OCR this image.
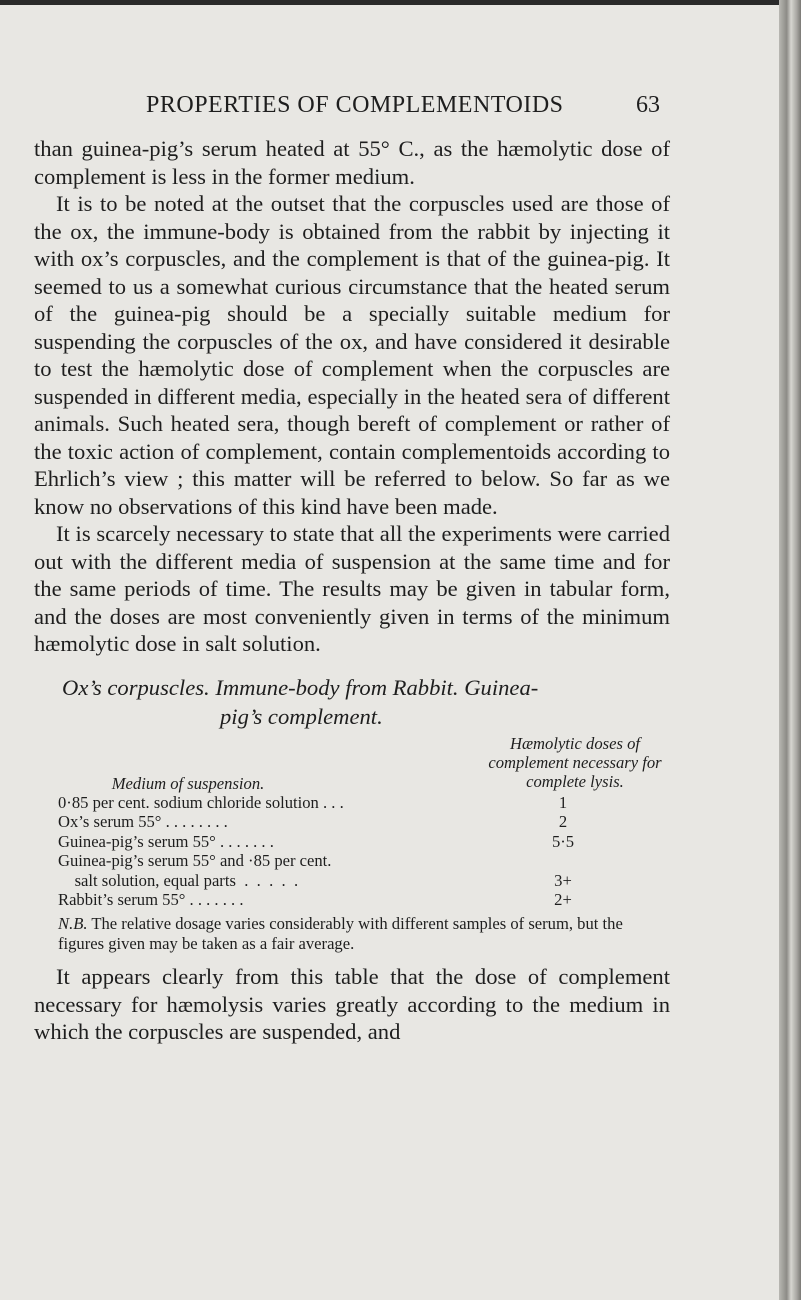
PROPERTIES OF COMPLEMENTOIDS	63

than guinea-pig’s serum heated at 55° C., as the hæmolytic dose of complement is less in the former medium.

It is to be noted at the outset that the corpuscles used are those of the ox, the immune-body is obtained from the rabbit by injecting it with ox’s corpuscles, and the complement is that of the guinea-pig. It seemed to us a somewhat curious circumstance that the heated serum of the guinea-pig should be a specially suitable medium for suspending the corpuscles of the ox, and have considered it desirable to test the hæmolytic dose of complement when the corpuscles are suspended in different media, especially in the heated sera of different animals. Such heated sera, though bereft of complement or rather of the toxic action of complement, contain complementoids according to Ehrlich’s view ; this matter will be referred to below. So far as we know no observations of this kind have been made.

It is scarcely necessary to state that all the experiments were carried out with the different media of suspension at the same time and for the same periods of time. The results may be given in tabular form, and the doses are most conveniently given in terms of the minimum hæmolytic dose in salt solution.

Ox’s corpuscles. Immune-body from Rabbit. Guinea-
pig’s complement.
Hæmolytic doses of complement necessary for complete lysis.
Medium of suspension.
0·85 per cent. sodium chloride solution . . .	1
Ox’s serum 55° . . . . . . . .	2
Guinea-pig’s serum 55° . . . . . . .	5·5
Guinea-pig’s serum 55° and ·85 per cent.
salt solution, equal parts  .  .  .  .  .	3+
Rabbit’s serum 55° . . . . . . .	2+
N.B. The relative dosage varies considerably with different samples of serum, but the figures given may be taken as a fair average.

It appears clearly from this table that the dose of complement necessary for hæmolysis varies greatly according to the medium in which the corpuscles are suspended, and
